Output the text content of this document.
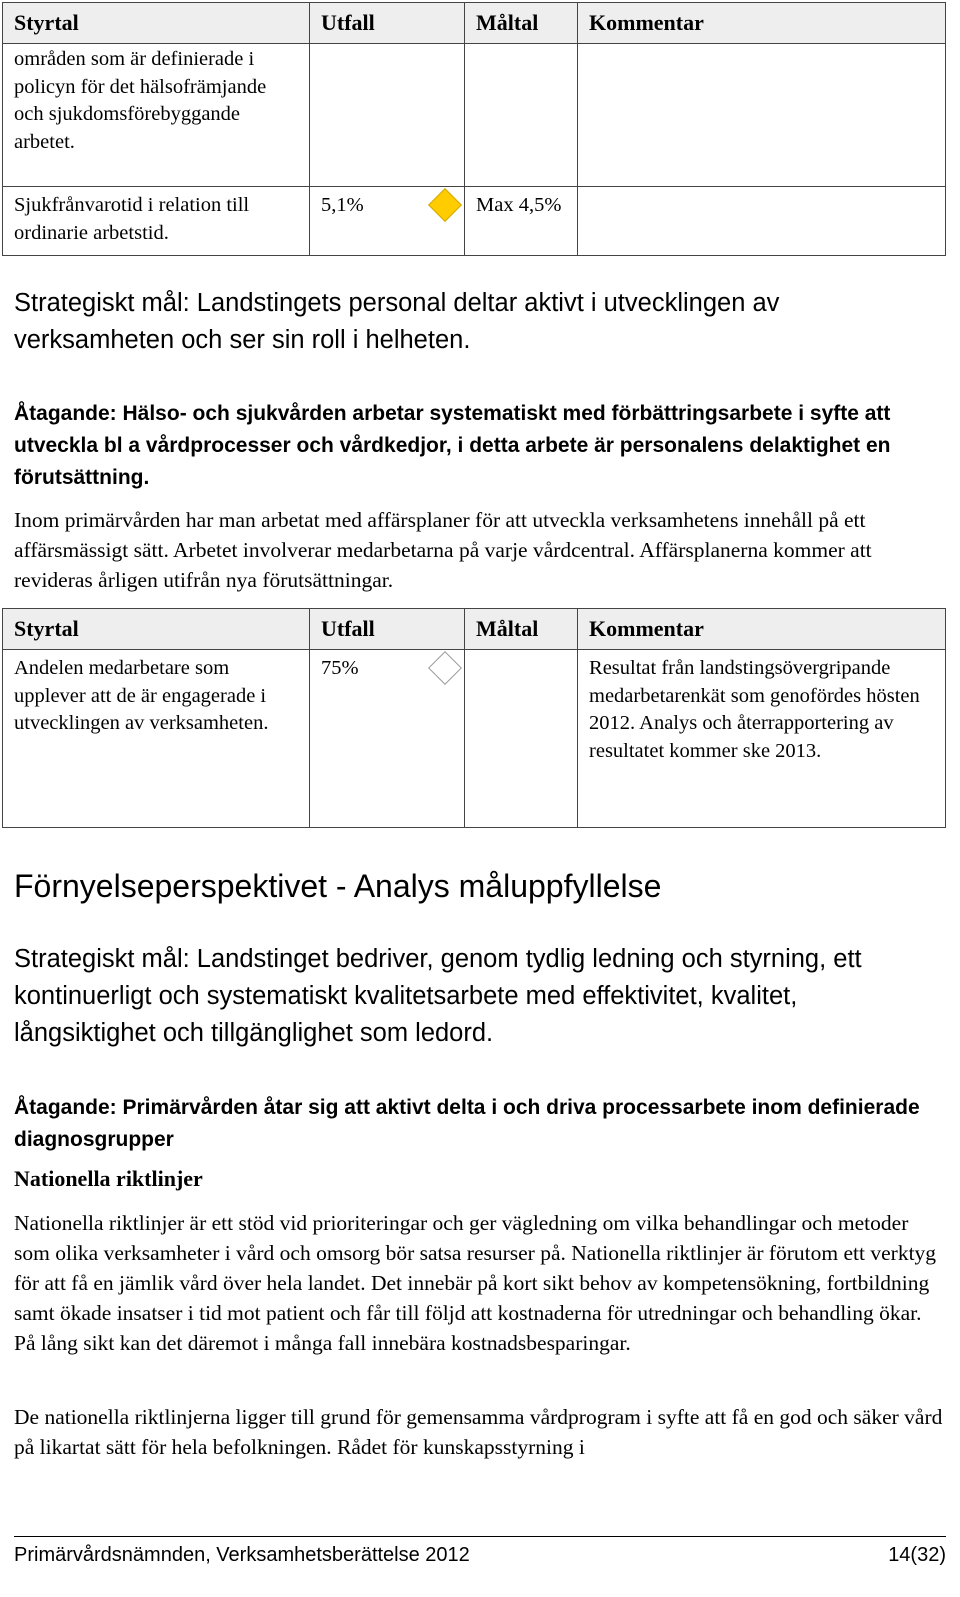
Styrtal	Utfall		Måltal	Kommentar
områden som är definierade i policyn för det hälsofrämjande och sjukdomsförebyggande arbetet.				
Sjukfrånvarotid i relation till ordinarie arbetstid.	5,1%		Max 4,5%	
Strategiskt mål: Landstingets personal deltar aktivt i utvecklingen av verksamheten och ser sin roll i helheten.
Åtagande: Hälso- och sjukvården arbetar systematiskt med förbättringsarbete i syfte att utveckla bl a vårdprocesser och vårdkedjor, i detta arbete är personalens delaktighet en förutsättning.
Inom primärvården har man arbetat med affärsplaner för att utveckla verksamhetens innehåll på ett affärsmässigt sätt. Arbetet involverar medarbetarna på varje vårdcentral. Affärsplanerna kommer att revideras årligen utifrån nya förutsättningar.
Styrtal	Utfall		Måltal	Kommentar
Andelen medarbetare som upplever att de är engagerade i utvecklingen av verksamheten.	75%			Resultat från landstingsövergripande medarbetarenkät som genofördes hösten 2012. Analys och återrapportering av resultatet kommer ske 2013.
Förnyelseperspektivet - Analys måluppfyllelse
Strategiskt mål: Landstinget bedriver, genom tydlig ledning och styrning, ett kontinuerligt och systematiskt kvalitetsarbete med effektivitet, kvalitet, långsiktighet och tillgänglighet som ledord.
Åtagande: Primärvården åtar sig att aktivt delta i och driva processarbete inom definierade diagnosgrupper
Nationella riktlinjer
Nationella riktlinjer är ett stöd vid prioriteringar och ger vägledning om vilka behandlingar och metoder som olika verksamheter i vård och omsorg bör satsa resurser på. Nationella riktlinjer är förutom ett verktyg för att få en jämlik vård över hela landet. Det innebär på kort sikt behov av kompetensökning, fortbildning samt ökade insatser i tid mot patient och får till följd att kostnaderna för utredningar och behandling ökar. På lång sikt kan det däremot i många fall innebära kostnadsbesparingar.
De nationella riktlinjerna ligger till grund för gemensamma vårdprogram i syfte att få en god och säker vård på likartat sätt för hela befolkningen. Rådet för kunskapsstyrning i
Primärvårdsnämnden, Verksamhetsberättelse 2012	14(32)
